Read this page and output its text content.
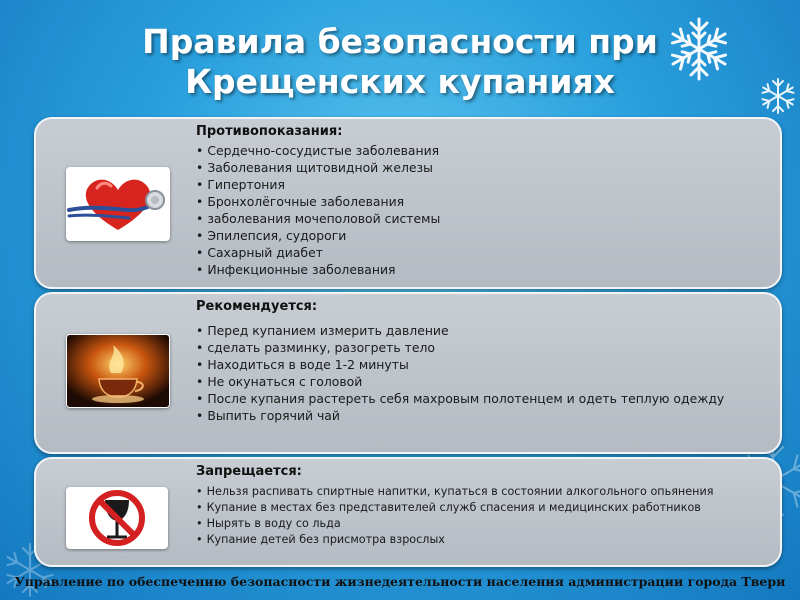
Правила безопасности при
Крещенских купаниях
Противопоказания:
• Сердечно-сосудистые заболевания
• Заболевания щитовидной железы
• Гипертония
• Бронхолёгочные заболевания
• заболевания мочеполовой системы
• Эпилепсия, судороги
• Сахарный диабет
• Инфекционные заболевания
Рекомендуется:
• Перед купанием измерить давление
• сделать разминку, разогреть тело
• Находиться в воде 1-2 минуты
• Не окунаться с головой
• После купания растереть себя махровым полотенцем и одеть теплую одежду
• Выпить горячий чай
Запрещается:
• Нельзя распивать спиртные напитки, купаться в состоянии алкогольного опьянения
• Купание в местах без представителей служб спасения и медицинских работников
• Нырять в воду со льда
• Купание детей без присмотра взрослых
Управление по обеспечению безопасности жизнедеятельности населения администрации города Твери
